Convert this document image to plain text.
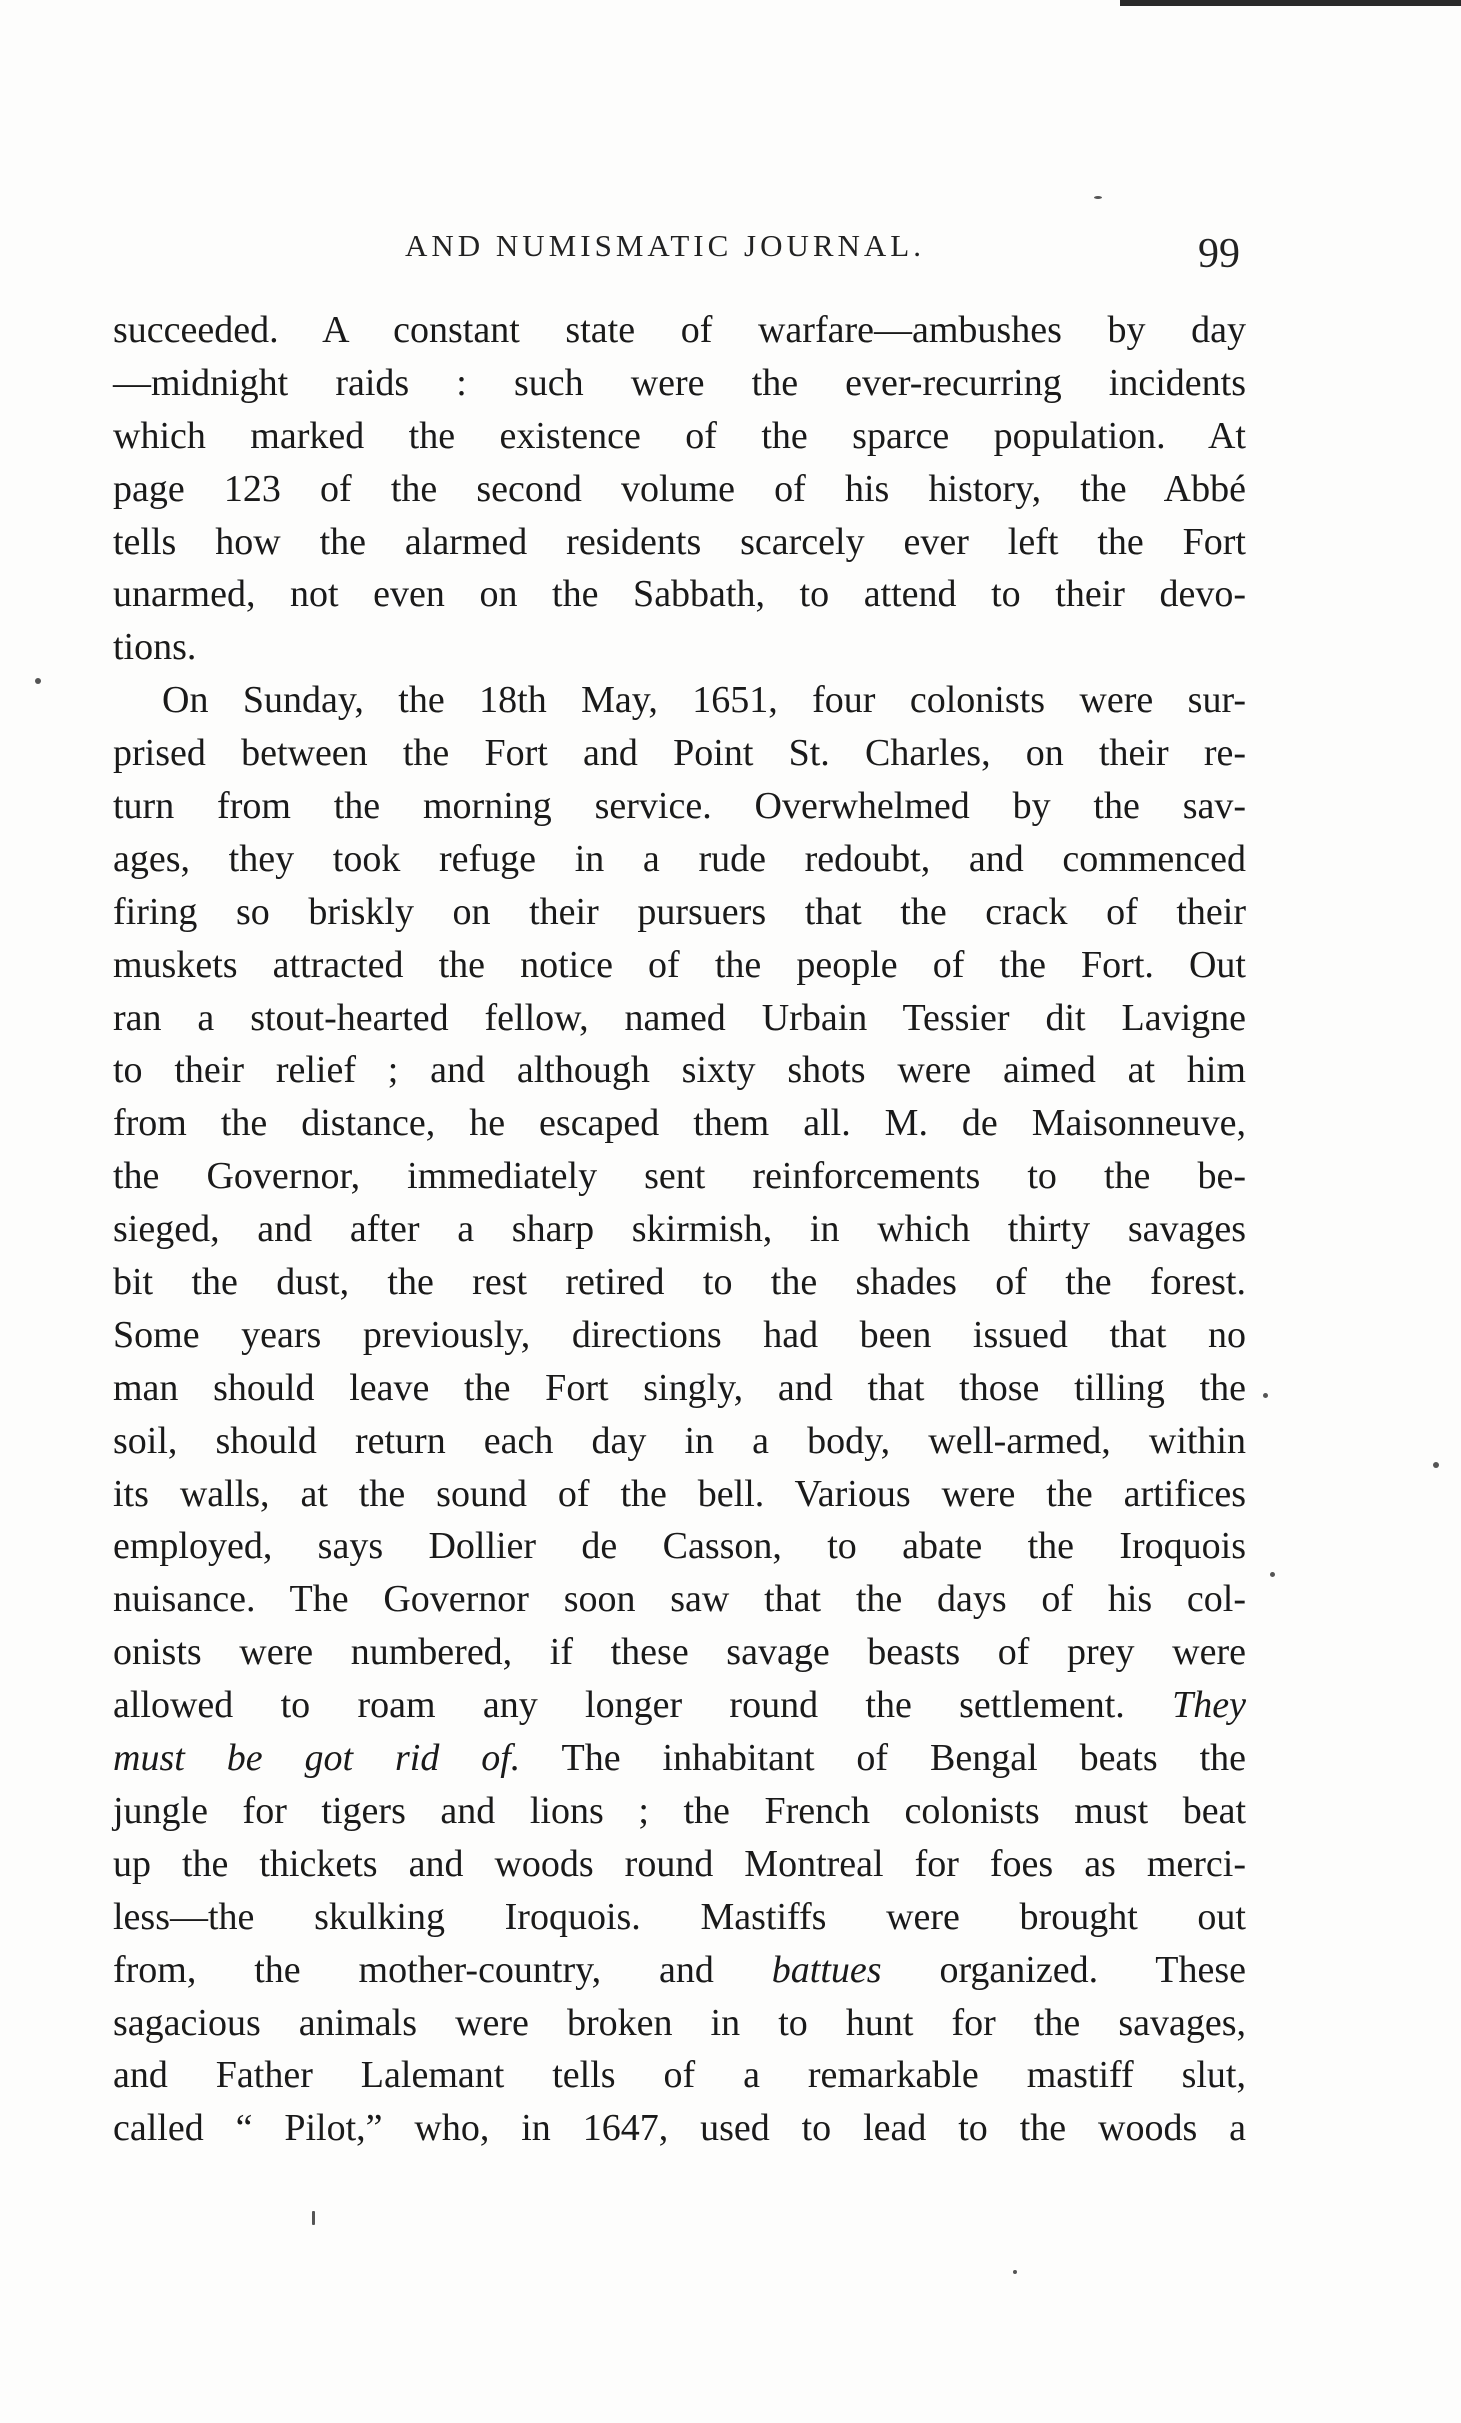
AND NUMISMATIC JOURNAL.	99
succeeded. A constant state of warfare—ambushes by day
—midnight raids : such were the ever-recurring incidents
which marked the existence of the sparce population. At
page 123 of the second volume of his history, the Abbé
tells how the alarmed residents scarcely ever left the Fort
unarmed, not even on the Sabbath, to attend to their devo-
tions.
On Sunday, the 18th May, 1651, four colonists were sur-
prised between the Fort and Point St. Charles, on their re-
turn from the morning service. Overwhelmed by the sav-
ages, they took refuge in a rude redoubt, and commenced
firing so briskly on their pursuers that the crack of their
muskets attracted the notice of the people of the Fort. Out
ran a stout-hearted fellow, named Urbain Tessier dit Lavigne
to their relief ; and although sixty shots were aimed at him
from the distance, he escaped them all. M. de Maisonneuve,
the Governor, immediately sent reinforcements to the be-
sieged, and after a sharp skirmish, in which thirty savages
bit the dust, the rest retired to the shades of the forest.
Some years previously, directions had been issued that no
man should leave the Fort singly, and that those tilling the
soil, should return each day in a body, well-armed, within
its walls, at the sound of the bell. Various were the artifices
employed, says Dollier de Casson, to abate the Iroquois
nuisance. The Governor soon saw that the days of his col-
onists were numbered, if these savage beasts of prey were
allowed to roam any longer round the settlement. They
must be got rid of. The inhabitant of Bengal beats the
jungle for tigers and lions ; the French colonists must beat
up the thickets and woods round Montreal for foes as merci-
less—the skulking Iroquois. Mastiffs were brought out
from, the mother-country, and battues organized. These
sagacious animals were broken in to hunt for the savages,
and Father Lalemant tells of a remarkable mastiff slut,
called “ Pilot,” who, in 1647, used to lead to the woods a
